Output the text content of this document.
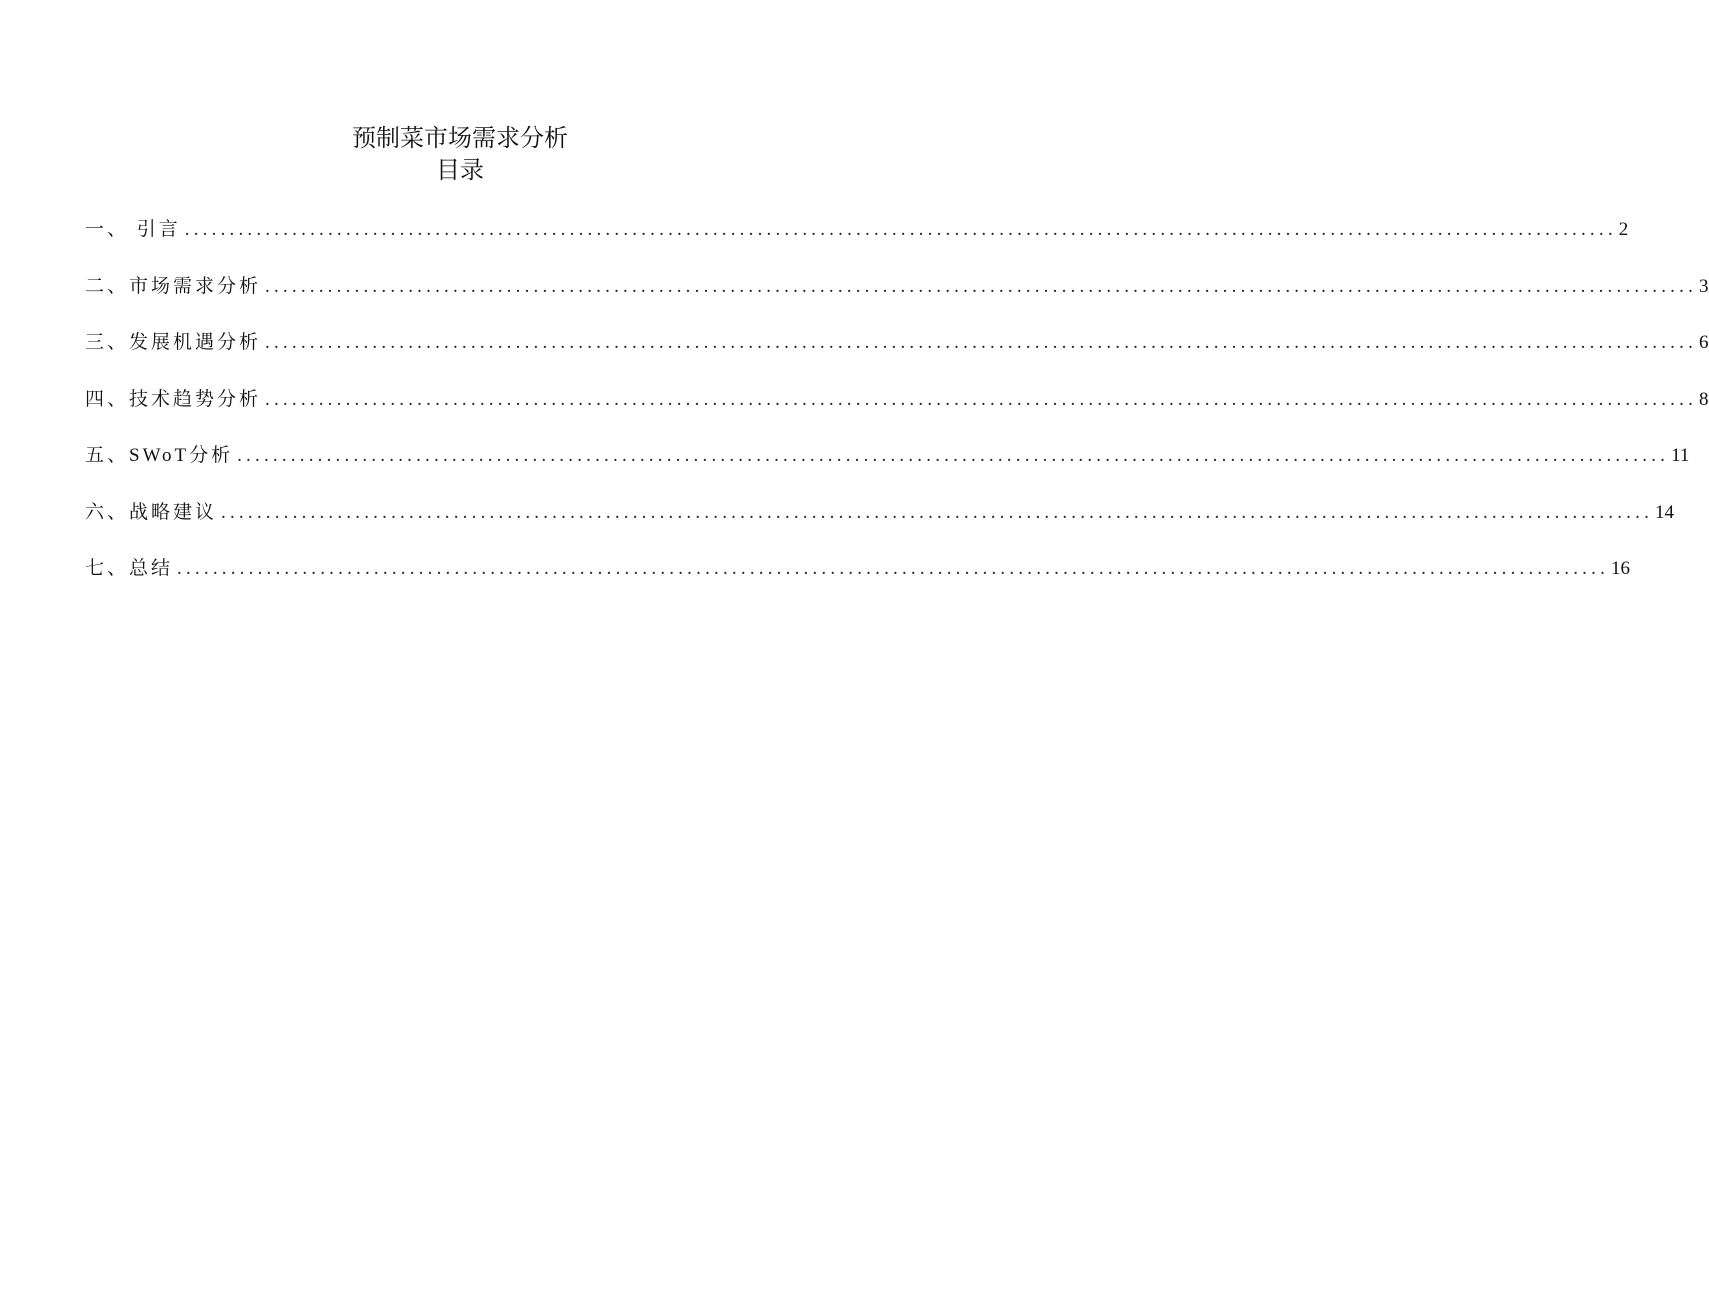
预制菜市场需求分析
目录
一、 引言 ................................................................................................................................................................ 2
二、市场需求分析 ................................................................................................................................................................ 3
三、发展机遇分析 ................................................................................................................................................................ 6
四、技术趋势分析 ................................................................................................................................................................ 8
五、SWoT分析 ................................................................................................................................................................ 11
六、战略建议 ................................................................................................................................................................ 14
七、总结 ................................................................................................................................................................ 16
